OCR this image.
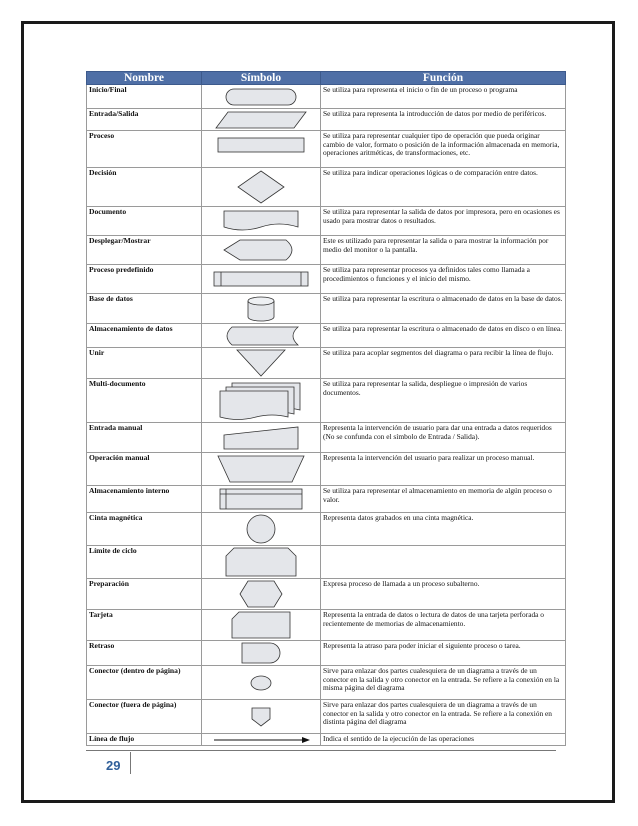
Nombre	Símbolo	Función
Inicio/Final		Se utiliza para representa el inicio o fin de un proceso o programa
Entrada/Salida		Se utiliza para representa la introducción de datos por medio de periféricos.
Proceso		Se utiliza para representar cualquier tipo de operación que pueda originar cambio de valor, formato o posición de la información almacenada en memoria, operaciones aritméticas, de transformaciones, etc.
Decisión		Se utiliza para indicar operaciones lógicas o de comparación entre datos.
Documento		Se utiliza para representar la salida de datos por impresora, pero en ocasiones es usado para mostrar datos o resultados.
Desplegar/Mostrar		Este es utilizado para representar la salida o para mostrar la información por medio del monitor o la pantalla.
Proceso predefinido		Se utiliza para representar procesos ya definidos tales como llamada a procedimientos o funciones y el inicio del mismo.
Base de datos		Se utiliza para representar la escritura o almacenado de datos en la base de datos.
Almacenamiento de datos		Se utiliza para representar la escritura o almacenado de datos en disco o en línea.
Unir		Se utiliza para acoplar segmentos del diagrama o para recibir la línea de flujo.
Multi-documento		Se utiliza para representar la salida, despliegue o impresión de varios documentos.
Entrada manual		Representa la intervención de usuario para dar una entrada a datos requeridos (No se confunda con el símbolo de Entrada / Salida).
Operación manual		Representa la intervención del usuario para realizar un proceso manual.
Almacenamiento interno		Se utiliza para representar el almacenamiento en memoria de algún proceso o valor.
Cinta magnética		Representa datos grabados en una cinta magnética.
Límite de ciclo	

Preparación		Expresa proceso de llamada a un proceso subalterno.
Tarjeta		Representa la entrada de datos o lectura de datos de una tarjeta perforada o recientemente de memorias de almacenamiento.
Retraso		Representa la atraso para poder iniciar el siguiente proceso o tarea.
Conector (dentro de página)		Sirve para enlazar dos partes cualesquiera de un diagrama a través de un conector en la salida y otro conector en la entrada. Se refiere a la conexión en la misma página del diagrama
Conector (fuera de página)		Sirve para enlazar dos partes cualesquiera de un diagrama a través de un conector en la salida y otro conector en la entrada. Se refiere a la conexión en distinta página del diagrama
Línea de flujo		Indica el sentido de la ejecución de las operaciones
29
